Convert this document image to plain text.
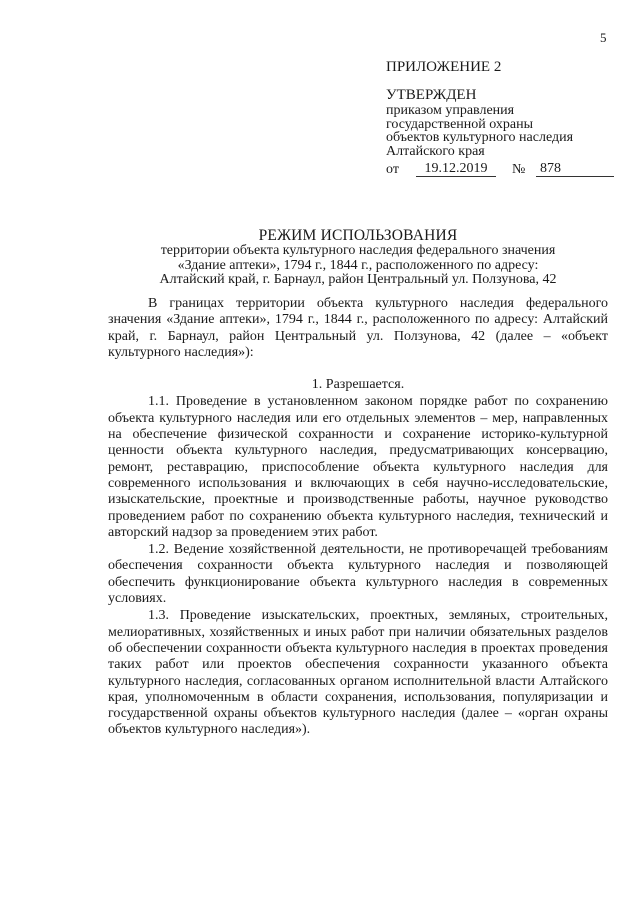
5
ПРИЛОЖЕНИЕ 2
УТВЕРЖДЕН
приказом управления
государственной охраны
объектов культурного наследия
Алтайского края
от	19.12.2019	№	878
РЕЖИМ ИСПОЛЬЗОВАНИЯ
территории объекта культурного наследия федерального значения
«Здание аптеки», 1794 г., 1844 г., расположенного по адресу:
Алтайский край, г. Барнаул, район Центральный ул. Ползунова, 42

В границах территории объекта культурного наследия федерального значения «Здание аптеки», 1794 г., 1844 г., расположенного по адресу: Алтайский край, г. Барнаул, район Центральный ул. Ползунова, 42 (далее – «объект культурного наследия»):

1. Разрешается.

1.1. Проведение в установленном законом порядке работ по сохранению объекта культурного наследия или его отдельных элементов – мер, направленных на обеспечение физической сохранности и сохранение историко-культурной ценности объекта культурного наследия, предусматривающих консервацию, ремонт, реставрацию, приспособление объекта культурного наследия для современного использования и включающих в себя научно-исследовательские, изыскательские, проектные и производственные работы, научное руководство проведением работ по сохранению объекта культурного наследия, технический и авторский надзор за проведением этих работ.

1.2. Ведение хозяйственной деятельности, не противоречащей требованиям обеспечения сохранности объекта культурного наследия и позволяющей обеспечить функционирование объекта культурного наследия в современных условиях.

1.3. Проведение изыскательских, проектных, земляных, строительных, мелиоративных, хозяйственных и иных работ при наличии обязательных разделов об обеспечении сохранности объекта культурного наследия в проектах проведения таких работ или проектов обеспечения сохранности указанного объекта культурного наследия, согласованных органом исполнительной власти Алтайского края, уполномоченным в области сохранения, использования, популяризации и государственной охраны объектов культурного наследия (далее – «орган охраны объектов культурного наследия»).
